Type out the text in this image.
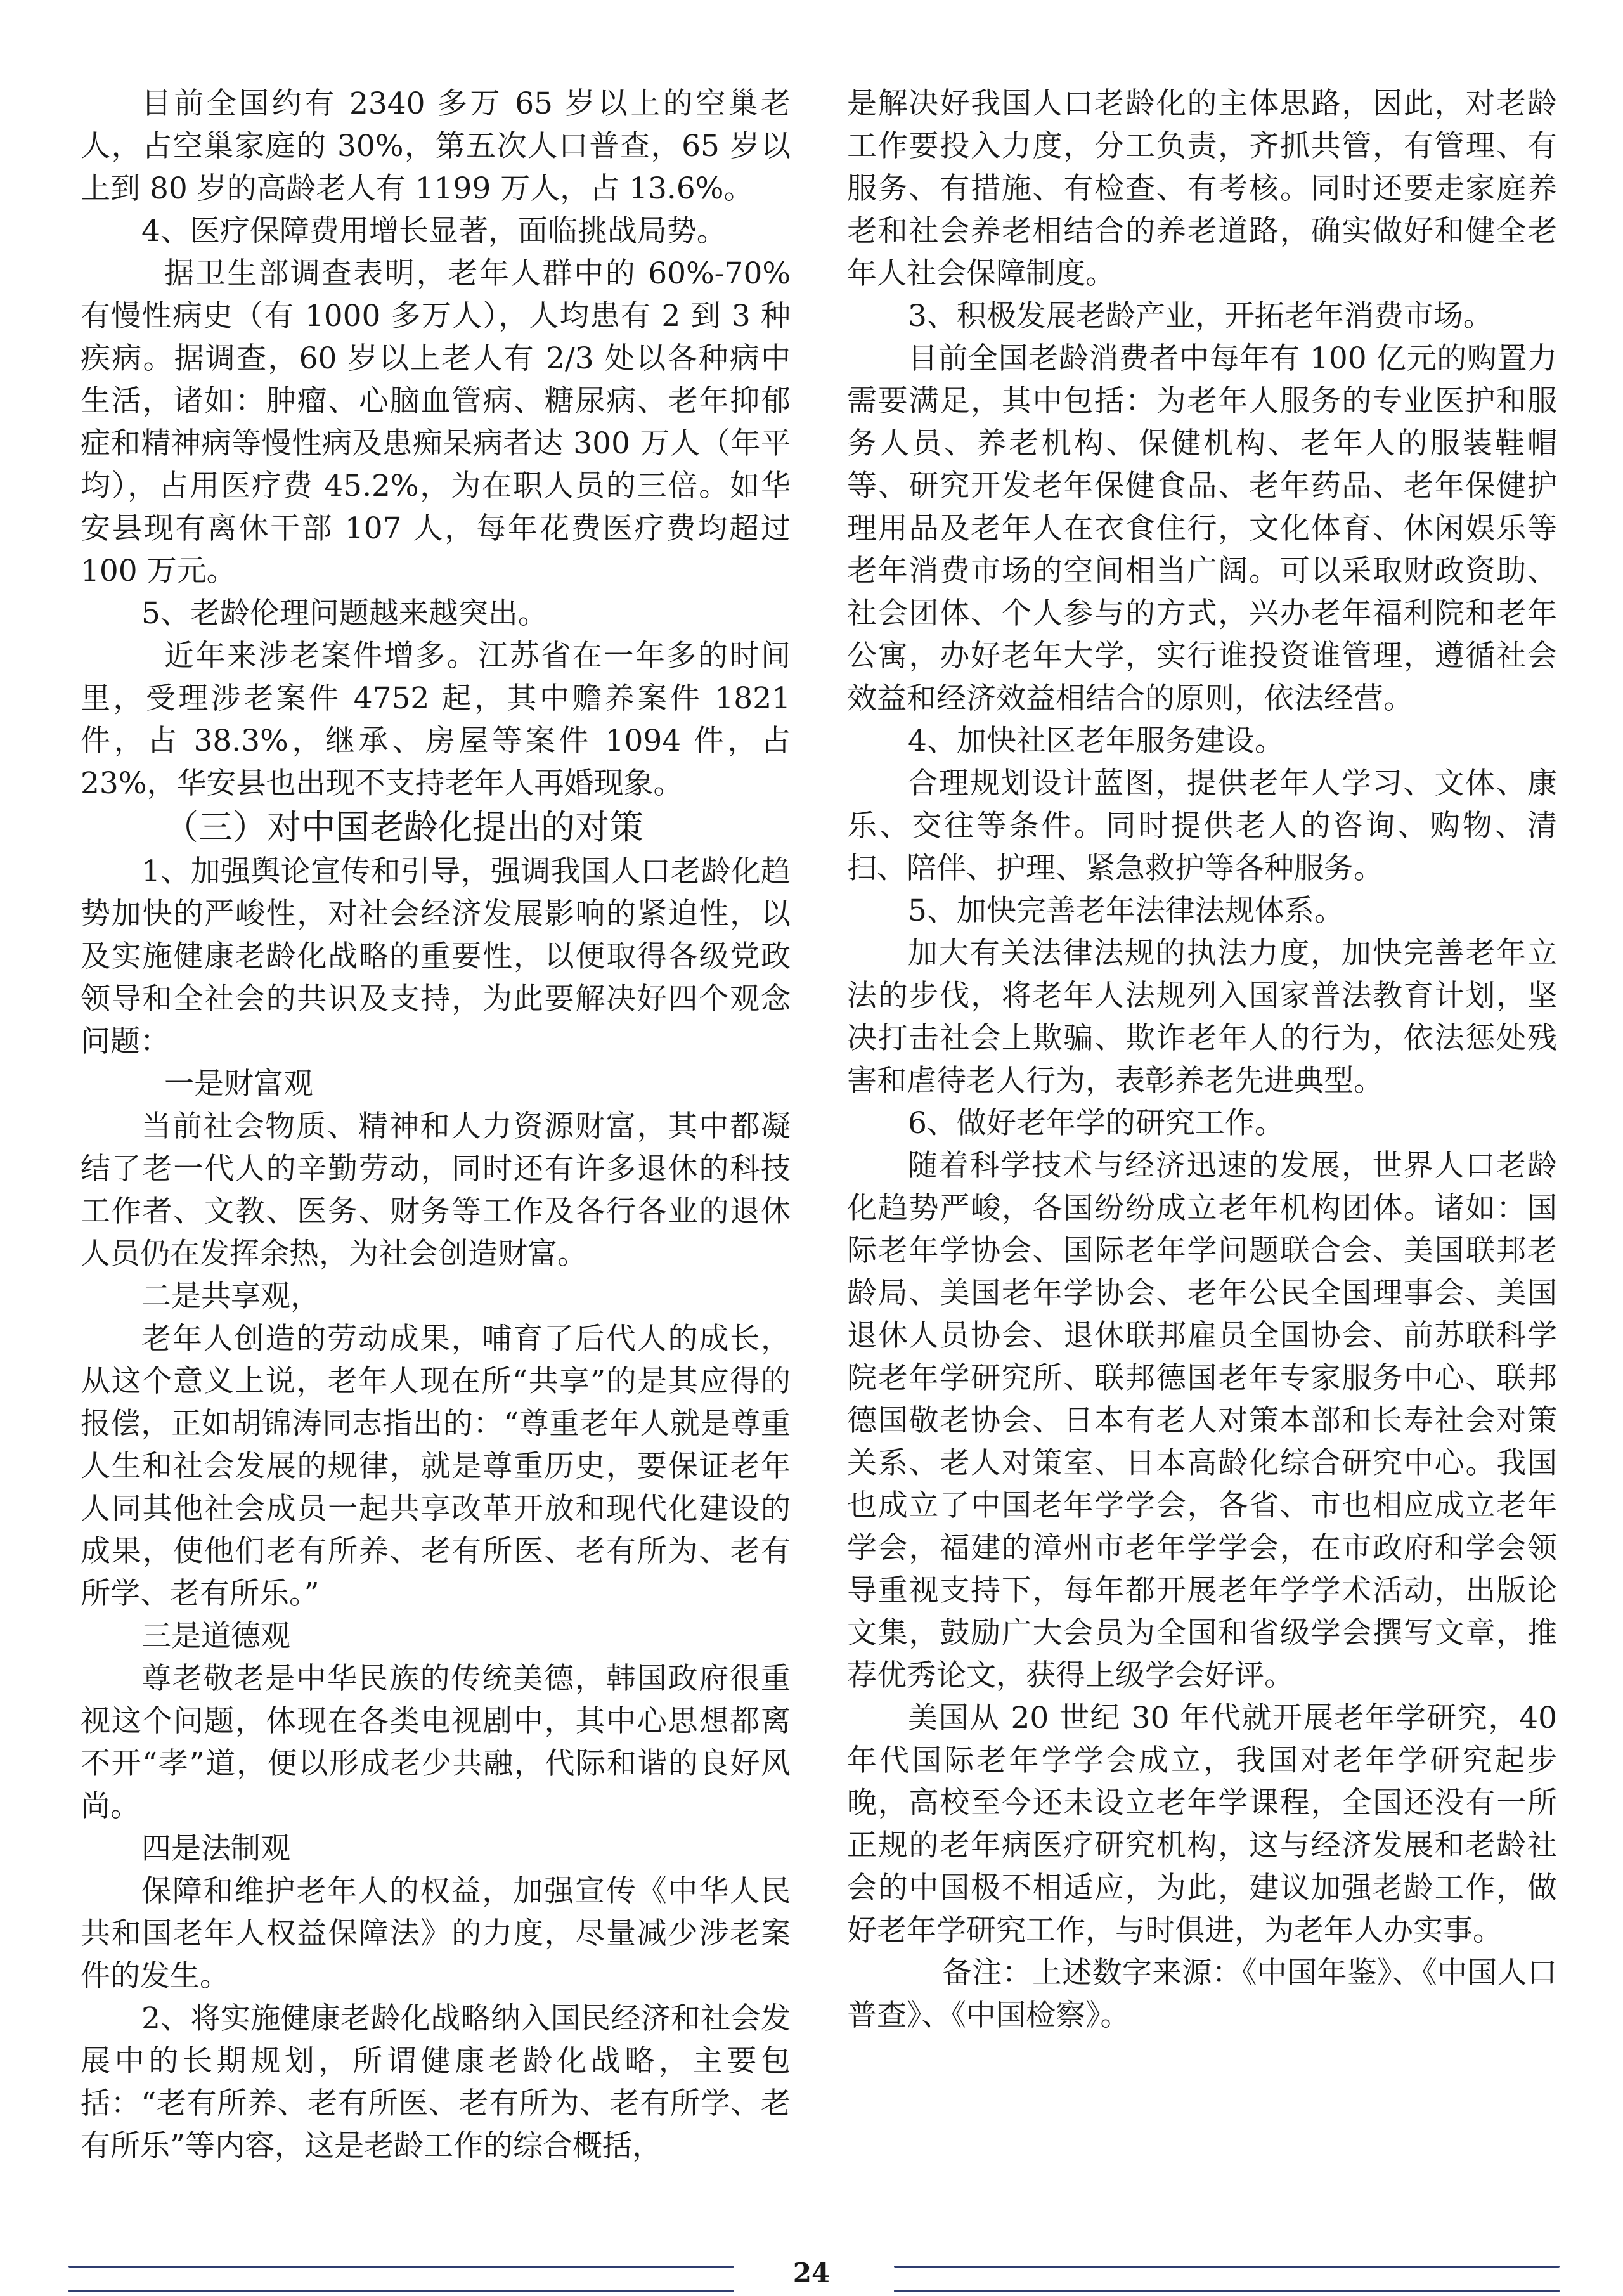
目前全国约有 2340 多万 65 岁以上的空巢老人，占空巢家庭的 30%，第五次人口普查，65 岁以上到 80 岁的高龄老人有 1199 万人，占 13.6%。

4、医疗保障费用增长显著，面临挑战局势。

据卫生部调查表明，老年人群中的 60%-70% 有慢性病史（有 1000 多万人），人均患有 2 到 3 种疾病。据调查，60 岁以上老人有 2/3 处以各种病中生活，诸如：肿瘤、心脑血管病、糖尿病、老年抑郁症和精神病等慢性病及患痴呆病者达 300 万人（年平均），占用医疗费 45.2%，为在职人员的三倍。如华安县现有离休干部 107 人，每年花费医疗费均超过 100 万元。

5、老龄伦理问题越来越突出。

近年来涉老案件增多。江苏省在一年多的时间里，受理涉老案件 4752 起，其中赡养案件 1821 件，占 38.3%，继承、房屋等案件 1094 件，占 23%，华安县也出现不支持老年人再婚现象。

（三）对中国老龄化提出的对策

1、加强舆论宣传和引导，强调我国人口老龄化趋势加快的严峻性，对社会经济发展影响的紧迫性，以及实施健康老龄化战略的重要性，以便取得各级党政领导和全社会的共识及支持，为此要解决好四个观念问题：

一是财富观

当前社会物质、精神和人力资源财富，其中都凝结了老一代人的辛勤劳动，同时还有许多退休的科技工作者、文教、医务、财务等工作及各行各业的退休人员仍在发挥余热，为社会创造财富。

二是共享观，

老年人创造的劳动成果，哺育了后代人的成长，从这个意义上说，老年人现在所“共享”的是其应得的报偿，正如胡锦涛同志指出的：“尊重老年人就是尊重人生和社会发展的规律，就是尊重历史，要保证老年人同其他社会成员一起共享改革开放和现代化建设的成果，使他们老有所养、老有所医、老有所为、老有所学、老有所乐。”

三是道德观

尊老敬老是中华民族的传统美德，韩国政府很重视这个问题，体现在各类电视剧中，其中心思想都离不开“孝”道，便以形成老少共融，代际和谐的良好风尚。

四是法制观

保障和维护老年人的权益，加强宣传《中华人民共和国老年人权益保障法》的力度，尽量减少涉老案件的发生。

2、将实施健康老龄化战略纳入国民经济和社会发展中的长期规划，所谓健康老龄化战略，主要包括：“老有所养、老有所医、老有所为、老有所学、老有所乐”等内容，这是老龄工作的综合概括，

是解决好我国人口老龄化的主体思路，因此，对老龄工作要投入力度，分工负责，齐抓共管，有管理、有服务、有措施、有检查、有考核。同时还要走家庭养老和社会养老相结合的养老道路，确实做好和健全老年人社会保障制度。

3、积极发展老龄产业，开拓老年消费市场。

目前全国老龄消费者中每年有 100 亿元的购置力需要满足，其中包括：为老年人服务的专业医护和服务人员、养老机构、保健机构、老年人的服装鞋帽等、研究开发老年保健食品、老年药品、老年保健护理用品及老年人在衣食住行，文化体育、休闲娱乐等老年消费市场的空间相当广阔。可以采取财政资助、社会团体、个人参与的方式，兴办老年福利院和老年公寓，办好老年大学，实行谁投资谁管理，遵循社会效益和经济效益相结合的原则，依法经营。

4、加快社区老年服务建设。

合理规划设计蓝图，提供老年人学习、文体、康乐、交往等条件。同时提供老人的咨询、购物、清扫、陪伴、护理、紧急救护等各种服务。

5、加快完善老年法律法规体系。

加大有关法律法规的执法力度，加快完善老年立法的步伐，将老年人法规列入国家普法教育计划，坚决打击社会上欺骗、欺诈老年人的行为，依法惩处残害和虐待老人行为，表彰养老先进典型。

6、做好老年学的研究工作。

随着科学技术与经济迅速的发展，世界人口老龄化趋势严峻，各国纷纷成立老年机构团体。诸如：国际老年学协会、国际老年学问题联合会、美国联邦老龄局、美国老年学协会、老年公民全国理事会、美国退休人员协会、退休联邦雇员全国协会、前苏联科学院老年学研究所、联邦德国老年专家服务中心、联邦德国敬老协会、日本有老人对策本部和长寿社会对策关系、老人对策室、日本高龄化综合研究中心。我国也成立了中国老年学学会，各省、市也相应成立老年学会，福建的漳州市老年学学会，在市政府和学会领导重视支持下，每年都开展老年学学术活动，出版论文集，鼓励广大会员为全国和省级学会撰写文章，推荐优秀论文，获得上级学会好评。

美国从 20 世纪 30 年代就开展老年学研究，40 年代国际老年学学会成立，我国对老年学研究起步晚，高校至今还未设立老年学课程，全国还没有一所正规的老年病医疗研究机构，这与经济发展和老龄社会的中国极不相适应，为此，建议加强老龄工作，做好老年学研究工作，与时俱进，为老年人办实事。

备注：上述数字来源：《中国年鉴》、《中国人口普查》、《中国检察》。

24
